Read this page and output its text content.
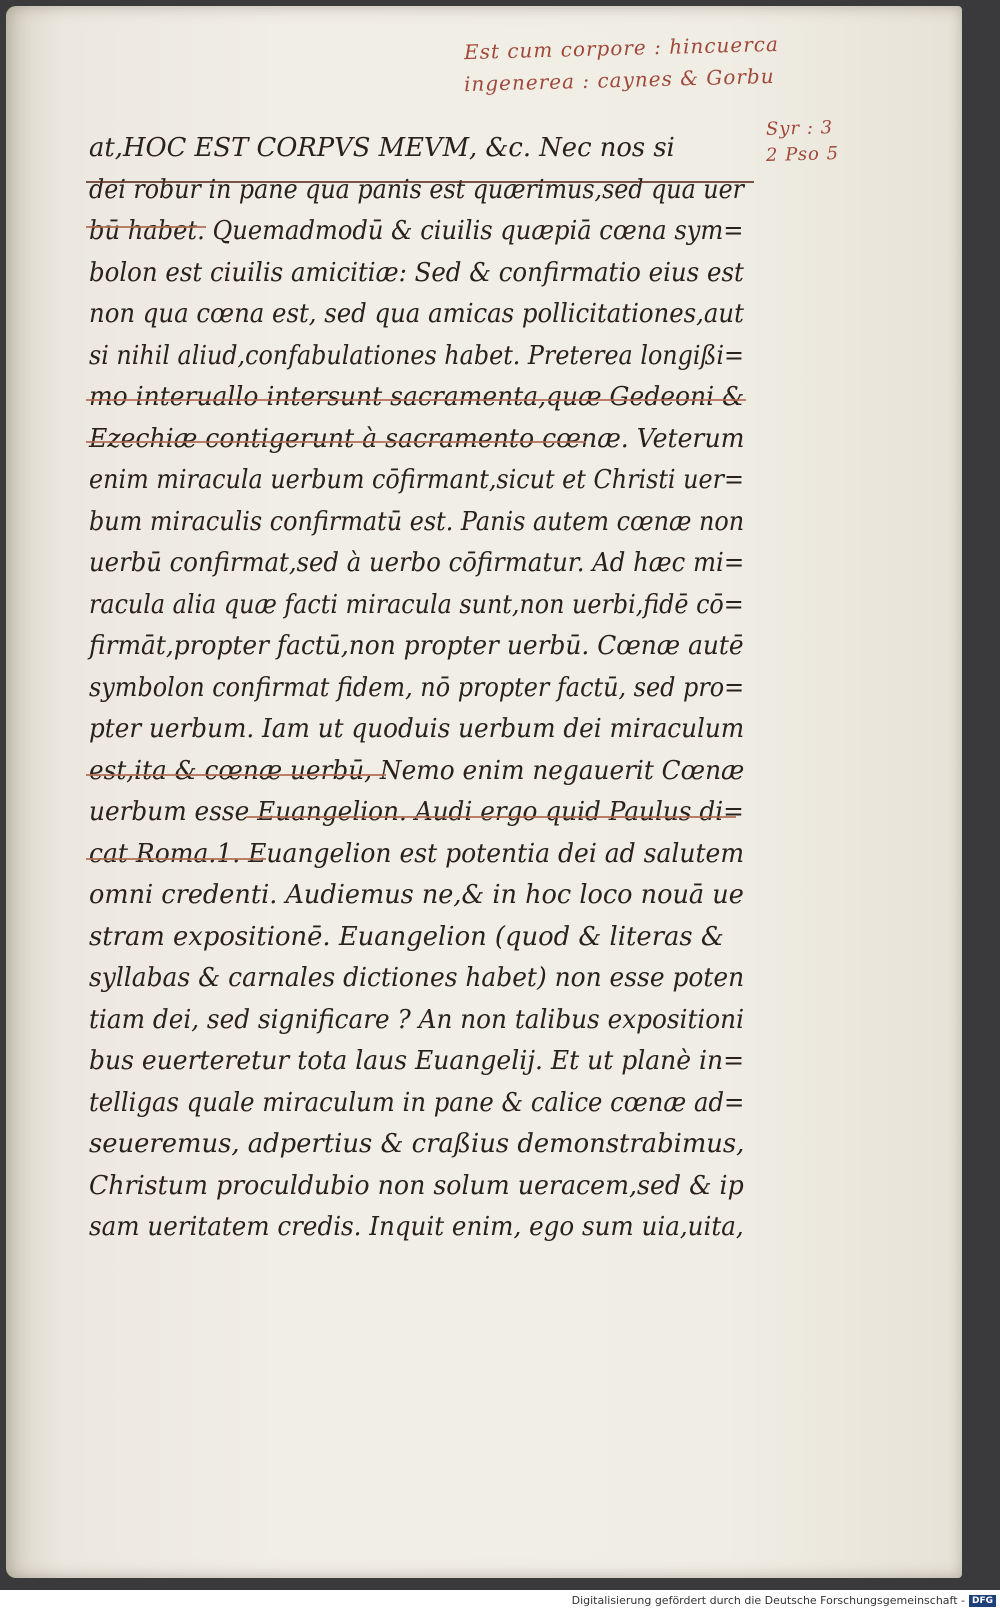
Est cum corpore : hincuerca
ingenerea : caynes & Gorbu
Syr : 3
2 Pso 5
at,HOC EST CORPVS MEVM, &c. Nec nos si
dei robur in pane qua panis est quærimus,sed qua uer
bū habet. Quemadmodū & ciuilis quæpiā cœna sym=
bolon est ciuilis amicitiæ: Sed & confirmatio eius est
non qua cœna est, sed qua amicas pollicitationes,aut
si nihil aliud,confabulationes habet. Preterea longißi=
mo interuallo intersunt sacramenta,quæ Gedeoni &
Ezechiæ contigerunt à sacramento cœnæ. Veterum
enim miracula uerbum cōfirmant,sicut et Christi uer=
bum miraculis confirmatū est. Panis autem cœnæ non
uerbū confirmat,sed à uerbo cōfirmatur. Ad hæc mi=
racula alia quæ facti miracula sunt,non uerbi,fidē cō=
firmāt,propter factū,non propter uerbū. Cœnæ autē
symbolon confirmat fidem, nō propter factū, sed pro=
pter uerbum. Iam ut quoduis uerbum dei miraculum
est,ita & cœnæ uerbū, Nemo enim negauerit Cœnæ
uerbum esse Euangelion. Audi ergo quid Paulus di=
cat Roma.1. Euangelion est potentia dei ad salutem
omni credenti. Audiemus ne,& in hoc loco nouā ue
stram expositionē. Euangelion (quod & literas &
syllabas & carnales dictiones habet) non esse poten
tiam dei, sed significare ? An non talibus expositioni
bus euerteretur tota laus Euangelij. Et ut planè in=
telligas quale miraculum in pane & calice cœnæ ad=
seueremus, adpertius & craßius demonstrabimus,
Christum proculdubio non solum ueracem,sed & ip
sam ueritatem credis. Inquit enim, ego sum uia,uita,
Digitalisierung gefördert durch die Deutsche Forschungsgemeinschaft - DFG
